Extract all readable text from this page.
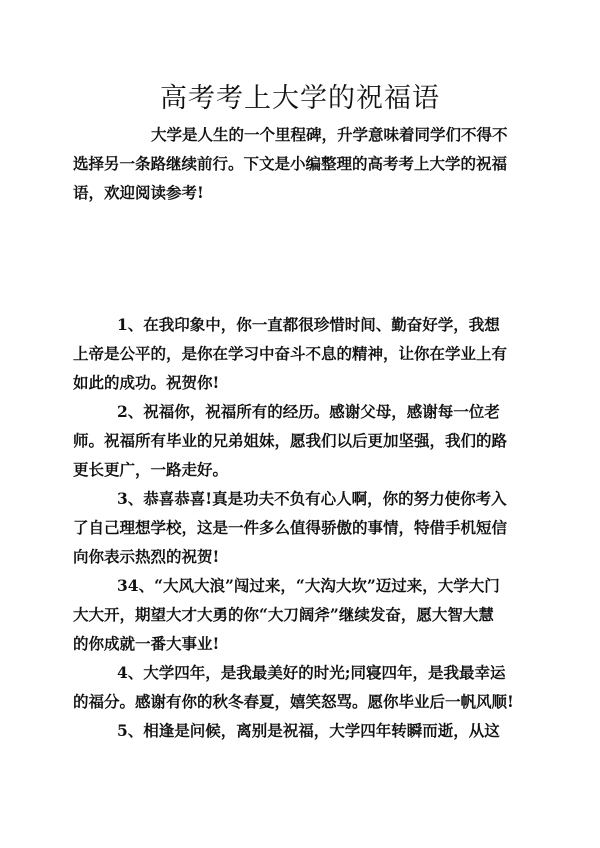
高考考上大学的祝福语
大学是人生的一个里程碑，升学意味着同学们不得不
选择另一条路继续前行。下文是小编整理的高考考上大学的祝福
语，欢迎阅读参考!
1、在我印象中，你一直都很珍惜时间、勤奋好学，我想
上帝是公平的，是你在学习中奋斗不息的精神，让你在学业上有
如此的成功。祝贺你!
2、祝福你，祝福所有的经历。感谢父母，感谢每一位老
师。祝福所有毕业的兄弟姐妹，愿我们以后更加坚强，我们的路
更长更广，一路走好。
3、恭喜恭喜!真是功夫不负有心人啊，你的努力使你考入
了自己理想学校，这是一件多么值得骄傲的事情，特借手机短信
向你表示热烈的祝贺!
34、“大风大浪”闯过来，“大沟大坎”迈过来，大学大门
大大开，期望大才大勇的你“大刀阔斧”继续发奋，愿大智大慧
的你成就一番大事业!
4、大学四年，是我最美好的时光;同寝四年，是我最幸运
的福分。感谢有你的秋冬春夏，嬉笑怒骂。愿你毕业后一帆风顺!
5、相逢是问候，离别是祝福，大学四年转瞬而逝，从这
